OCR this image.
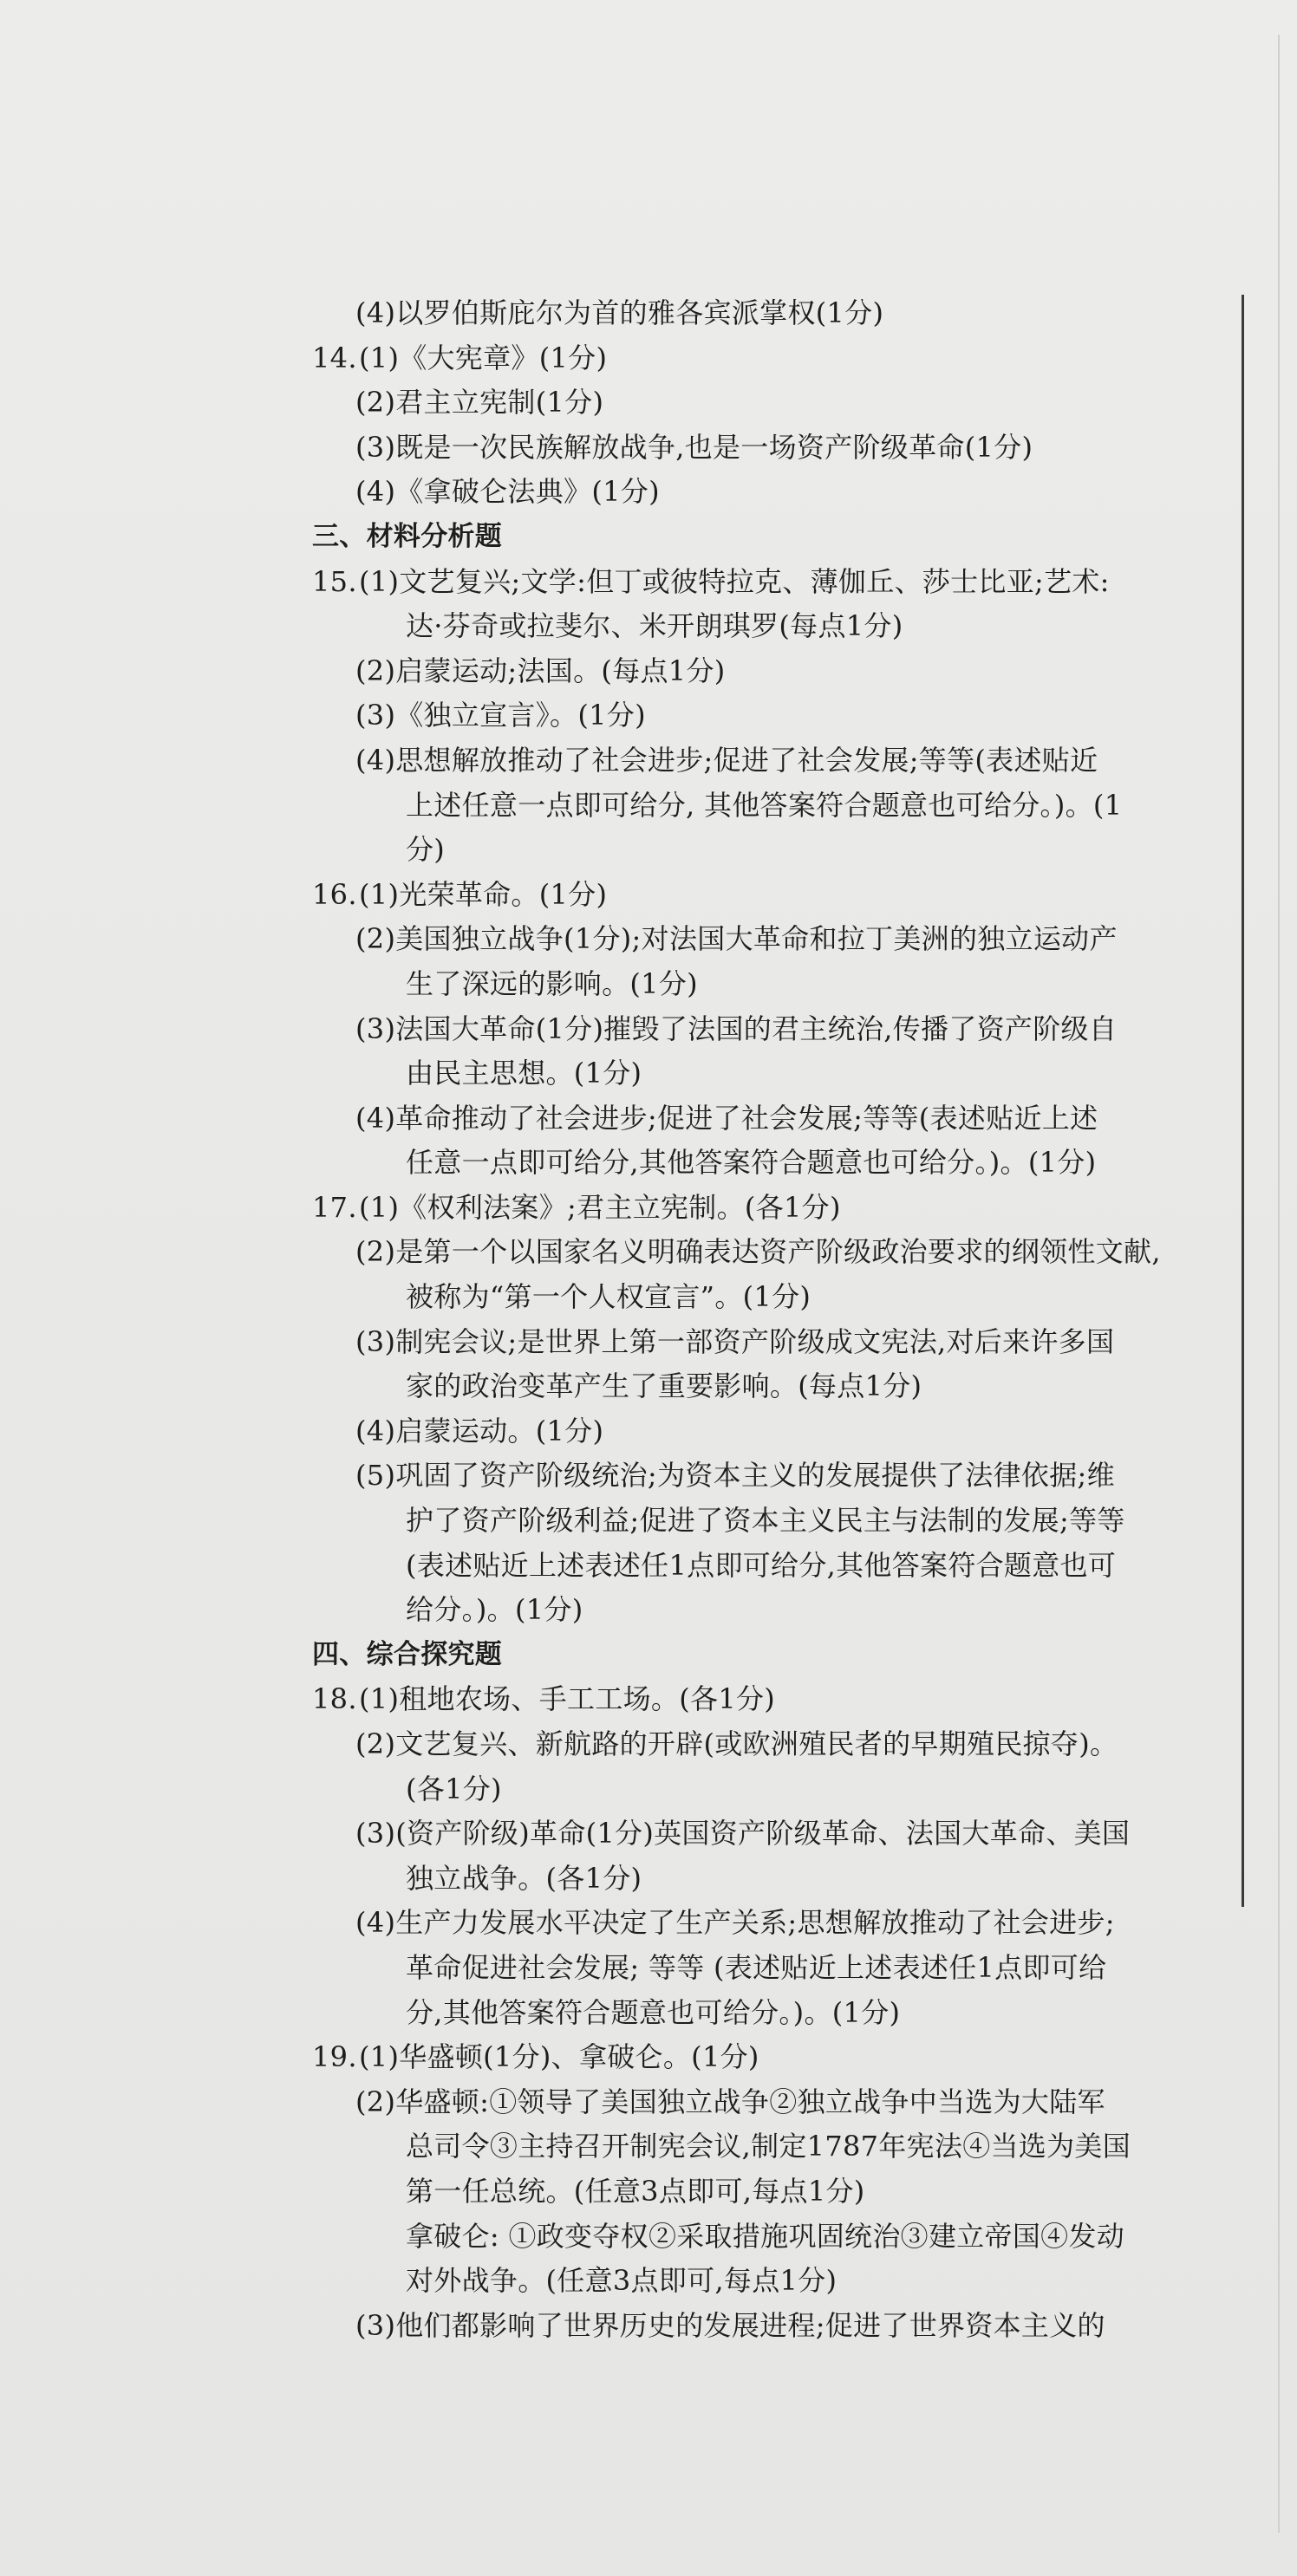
(4)以罗伯斯庇尔为首的雅各宾派掌权(1分)
14.(1)《大宪章》(1分)
(2)君主立宪制(1分)
(3)既是一次民族解放战争,也是一场资产阶级革命(1分)
(4)《拿破仑法典》(1分)
三、材料分析题
15.(1)文艺复兴;文学:但丁或彼特拉克、薄伽丘、莎士比亚;艺术:
达·芬奇或拉斐尔、米开朗琪罗(每点1分)
(2)启蒙运动;法国。(每点1分)
(3)《独立宣言》。(1分)
(4)思想解放推动了社会进步;促进了社会发展;等等(表述贴近
上述任意一点即可给分, 其他答案符合题意也可给分。)。(1
分)
16.(1)光荣革命。(1分)
(2)美国独立战争(1分);对法国大革命和拉丁美洲的独立运动产
生了深远的影响。(1分)
(3)法国大革命(1分)摧毁了法国的君主统治,传播了资产阶级自
由民主思想。(1分)
(4)革命推动了社会进步;促进了社会发展;等等(表述贴近上述
任意一点即可给分,其他答案符合题意也可给分。)。(1分)
17.(1)《权利法案》;君主立宪制。(各1分)
(2)是第一个以国家名义明确表达资产阶级政治要求的纲领性文献,
被称为“第一个人权宣言”。(1分)
(3)制宪会议;是世界上第一部资产阶级成文宪法,对后来许多国
家的政治变革产生了重要影响。(每点1分)
(4)启蒙运动。(1分)
(5)巩固了资产阶级统治;为资本主义的发展提供了法律依据;维
护了资产阶级利益;促进了资本主义民主与法制的发展;等等
(表述贴近上述表述任1点即可给分,其他答案符合题意也可
给分。)。(1分)
四、综合探究题
18.(1)租地农场、手工工场。(各1分)
(2)文艺复兴、新航路的开辟(或欧洲殖民者的早期殖民掠夺)。
(各1分)
(3)(资产阶级)革命(1分)英国资产阶级革命、法国大革命、美国
独立战争。(各1分)
(4)生产力发展水平决定了生产关系;思想解放推动了社会进步;
革命促进社会发展; 等等 (表述贴近上述表述任1点即可给
分,其他答案符合题意也可给分。)。(1分)
19.(1)华盛顿(1分)、拿破仑。(1分)
(2)华盛顿:①领导了美国独立战争②独立战争中当选为大陆军
总司令③主持召开制宪会议,制定1787年宪法④当选为美国
第一任总统。(任意3点即可,每点1分)
拿破仑: ①政变夺权②采取措施巩固统治③建立帝国④发动
对外战争。(任意3点即可,每点1分)
(3)他们都影响了世界历史的发展进程;促进了世界资本主义的
